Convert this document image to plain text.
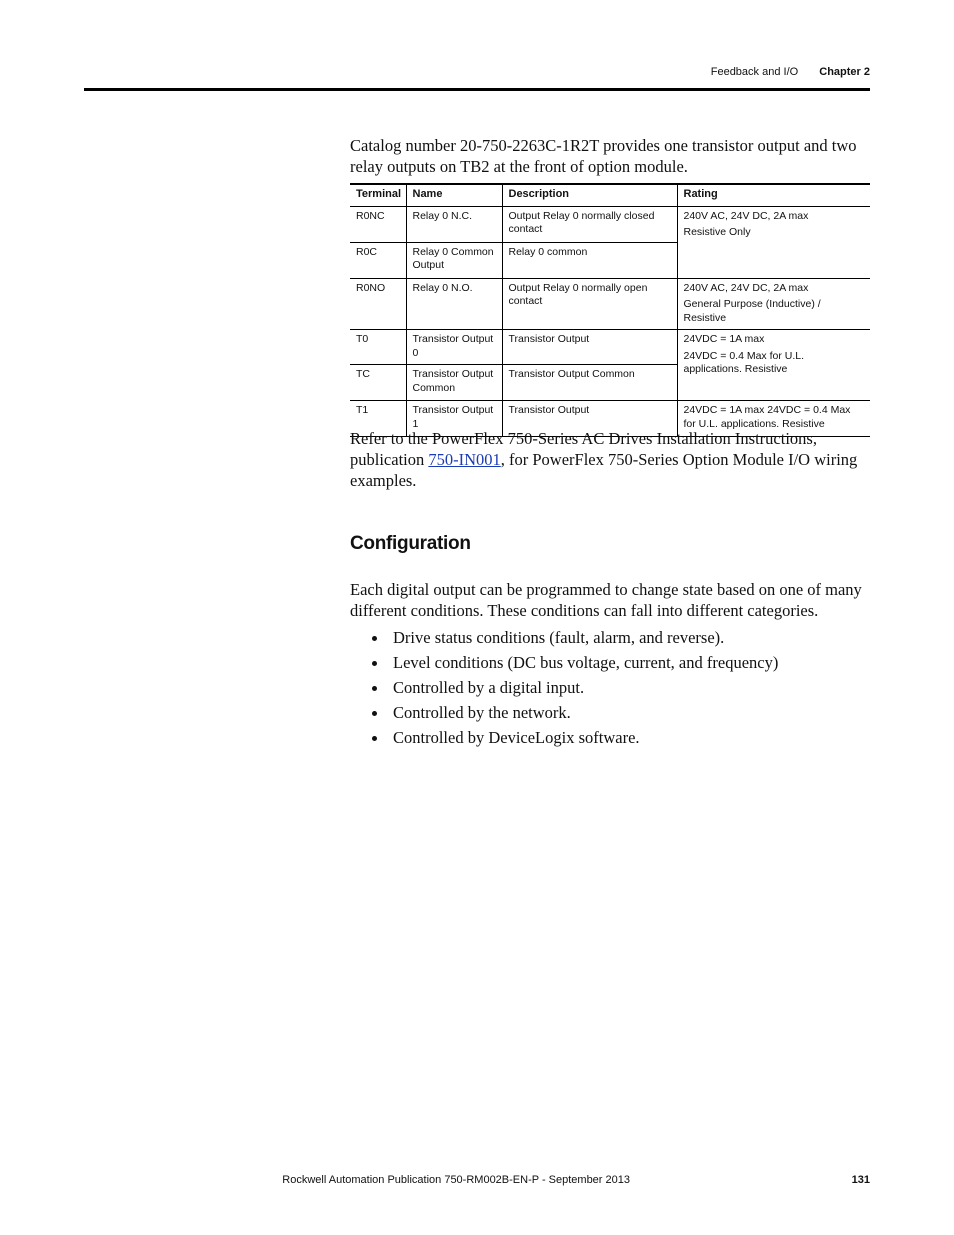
Feedback and I/O Chapter 2

Catalog number 20-750-2263C-1R2T provides one transistor output and two relay outputs on TB2 at the front of option module.

Terminal	Name	Description	Rating
R0NC	Relay 0 N.C.	Output Relay 0 normally closed contact	240V AC, 24V DC, 2A max
Resistive Only

R0C	Relay 0 Common Output	Relay 0 common	
R0NO	Relay 0 N.O.	Output Relay 0 normally open contact	240V AC, 24V DC, 2A max
General Purpose (Inductive) / Resistive

T0	Transistor Output 0	Transistor Output	24VDC = 1A max
24VDC = 0.4 Max for U.L. applications. Resistive

TC	Transistor Output Common	Transistor Output Common	
T1	Transistor Output 1	Transistor Output	24VDC = 1A max 24VDC = 0.4 Max for U.L. applications. Resistive

Refer to the PowerFlex 750-Series AC Drives Installation Instructions, publication 750-IN001, for PowerFlex 750-Series Option Module I/O wiring examples.

Configuration

Each digital output can be programmed to change state based on one of many different conditions. These conditions can fall into different categories.

Drive status conditions (fault, alarm, and reverse).
Level conditions (DC bus voltage, current, and frequency)
Controlled by a digital input.
Controlled by the network.
Controlled by DeviceLogix software.
Rockwell Automation Publication 750-RM002B-EN-P - September 2013	131
